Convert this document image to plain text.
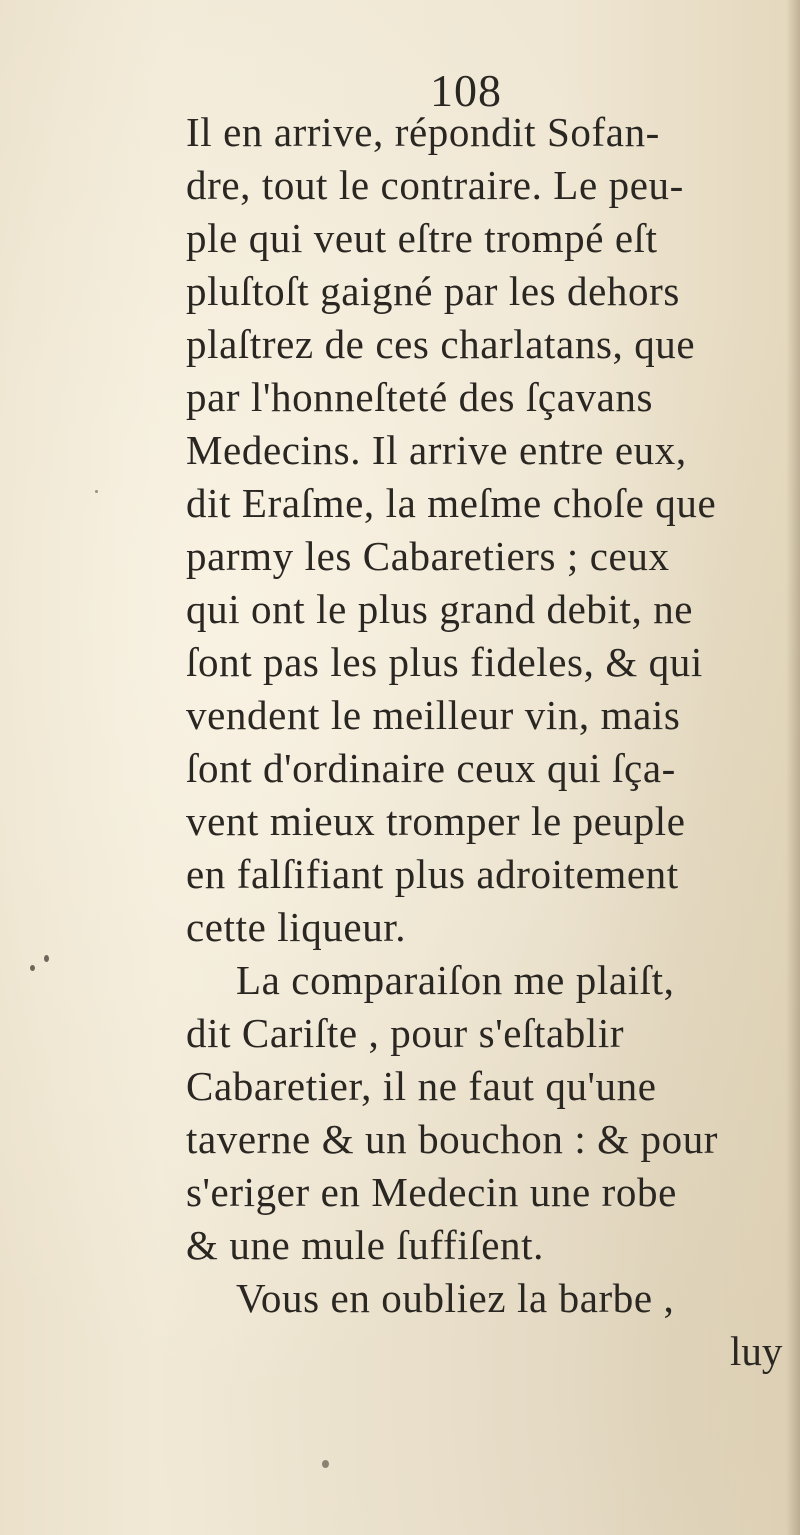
108
Il en arrive, répondit Sofan-
dre, tout le contraire. Le peu-
ple qui veut eſtre trompé eſt
pluſtoſt gaigné par les dehors
plaſtrez de ces charlatans, que
par l'honneſteté des ſçavans
Medecins. Il arrive entre eux,
dit Eraſme, la meſme choſe que
parmy les Cabaretiers ; ceux
qui ont le plus grand debit, ne
ſont pas les plus fideles, & qui
vendent le meilleur vin, mais
ſont d'ordinaire ceux qui ſça-
vent mieux tromper le peuple
en falſifiant plus adroitement
cette liqueur.
La comparaiſon me plaiſt,
dit Cariſte , pour s'eſtablir
Cabaretier, il ne faut qu'une
taverne & un bouchon : & pour
s'eriger en Medecin une robe
& une mule ſuffiſent.
Vous en oubliez la barbe ,
luy
